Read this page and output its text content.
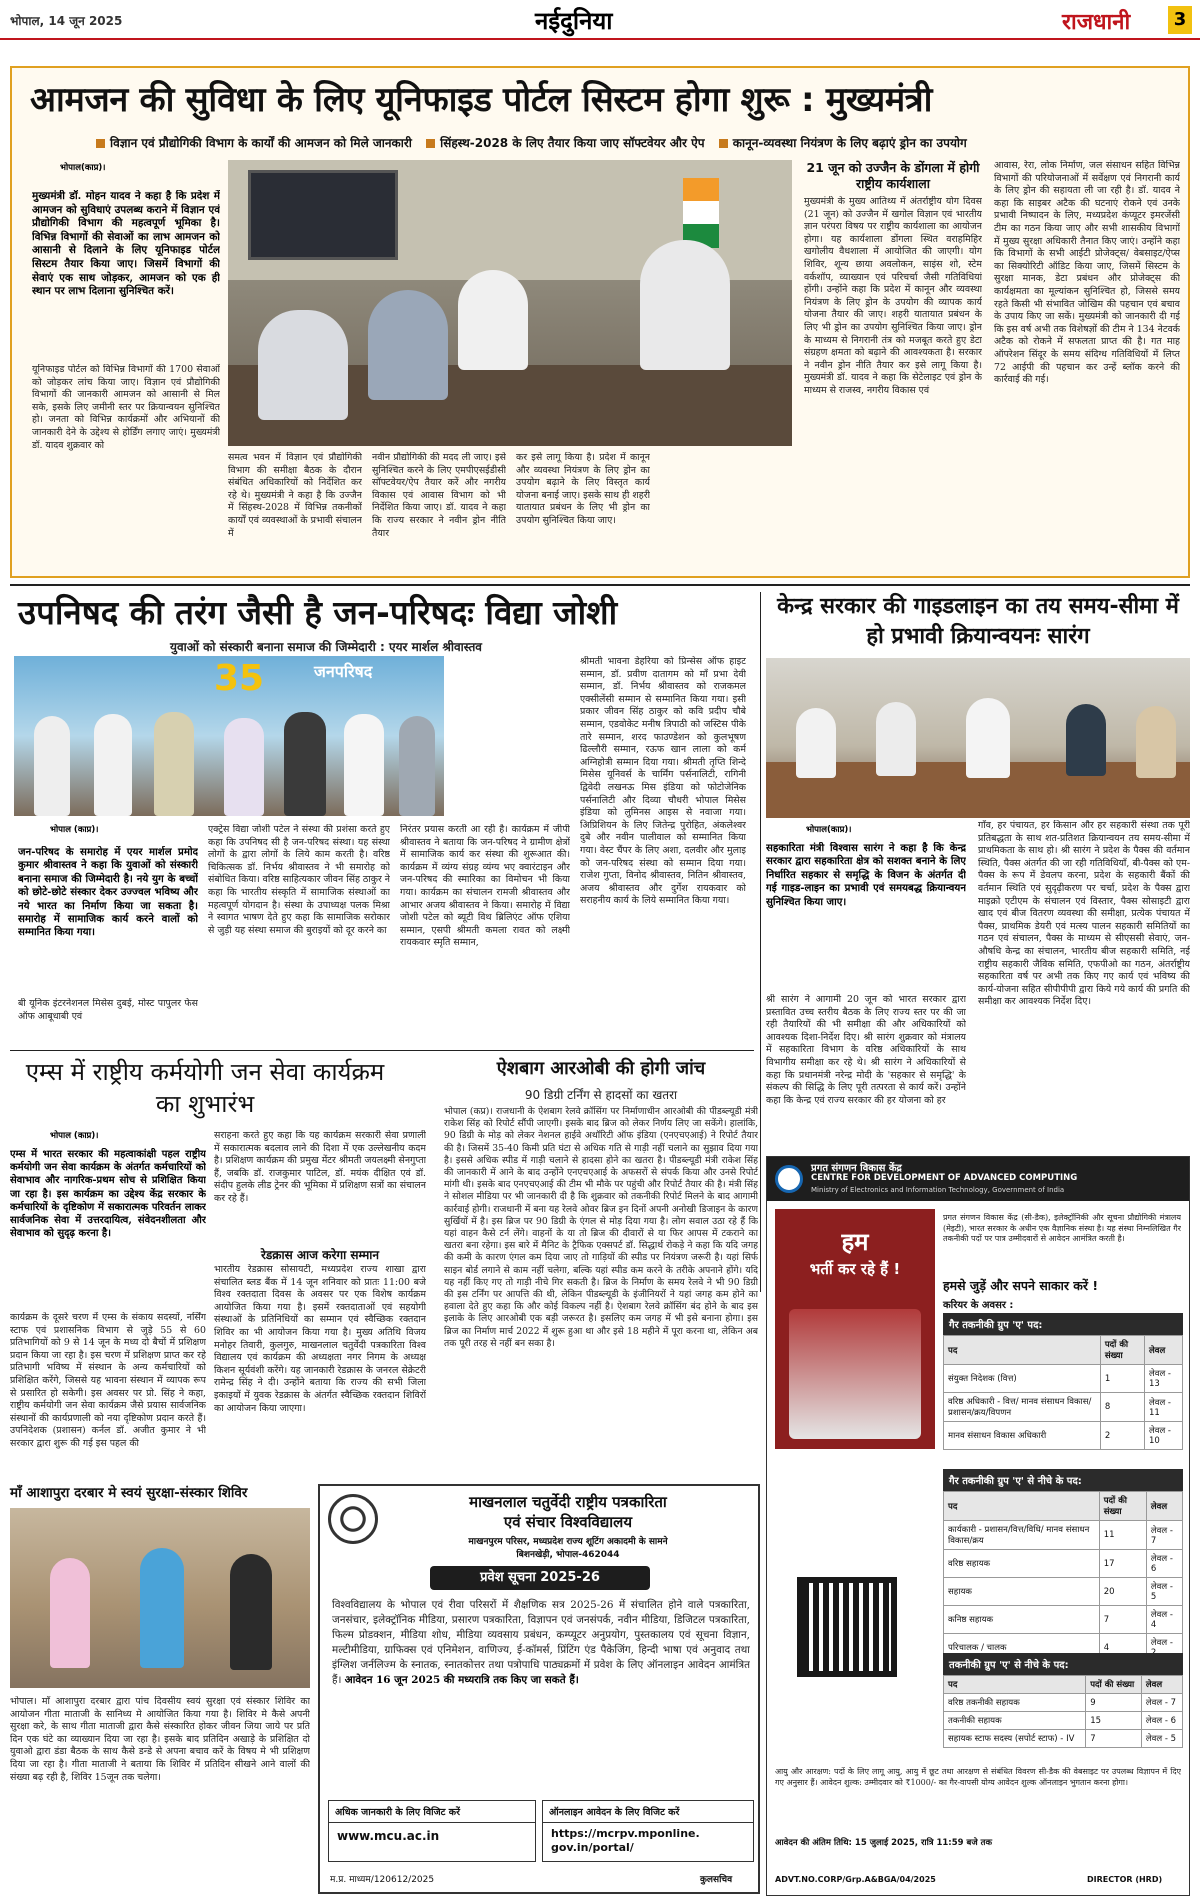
भोपाल, 14 जून 2025	नईदुनिया	राजधानी	3
आमजन की सुविधा के लिए यूनिफाइड पोर्टल सिस्टम होगा शुरू : मुख्यमंत्री
विज्ञान एवं प्रौद्योगिकी विभाग के कार्यों की आमजन को मिले जानकारी सिंहस्थ-2028 के लिए तैयार किया जाए सॉफ्टवेयर और ऐप कानून-व्यवस्था नियंत्रण के लिए बढ़ाएं ड्रोन का उपयोग
भोपाल(काप्र)।
मुख्यमंत्री डॉ. मोहन यादव ने कहा है कि प्रदेश में आमजन को सुविधाएं उपलब्ध कराने में विज्ञान एवं प्रौद्योगिकी विभाग की महत्वपूर्ण भूमिका है। विभिन्न विभागों की सेवाओं का लाभ आमजन को आसानी से दिलाने के लिए यूनिफाइड पोर्टल सिस्टम तैयार किया जाए। जिसमें विभागों की सेवाएं एक साथ जोड़कर, आमजन को एक ही स्थान पर लाभ दिलाना सुनिश्चित करें।
यूनिफाइड पोर्टल को विभिन्न विभागों की 1700 सेवाओं को जोड़कर लांच किया जाए। विज्ञान एवं प्रौद्योगिकी विभागों की जानकारी आमजन को आसानी से मिल सके, इसके लिए जमीनी स्तर पर क्रियान्वयन सुनिश्चित हो। जनता को विभिन्न कार्यक्रमों और अभियानों की जानकारी देने के उद्देश्य से होर्डिंग लगाए जाएं। मुख्यमंत्री डॉ. यादव शुक्रवार को
समत्व भवन में विज्ञान एवं प्रौद्योगिकी विभाग की समीक्षा बैठक के दौरान संबंधित अधिकारियों को निर्देशित कर रहे थे। मुख्यमंत्री ने कहा है कि उज्जैन में सिंहस्थ-2028 में विभिन्न तकनीकों कार्यों एवं व्यवस्थाओं के प्रभावी संचालन में
नवीन प्रौद्योगिकी की मदद ली जाए। इसे सुनिश्चित करने के लिए एमपीएसईडीसी सॉफ्टवेयर/ऐप तैयार करें और नगरीय विकास एवं आवास विभाग को भी निर्देशित किया जाए। डॉ. यादव ने कहा कि राज्य सरकार ने नवीन ड्रोन नीति तैयार
कर इसे लागू किया है। प्रदेश में कानून और व्यवस्था नियंत्रण के लिए ड्रोन का उपयोग बढ़ाने के लिए विस्तृत कार्य योजना बनाई जाए। इसके साथ ही शहरी यातायात प्रबंधन के लिए भी ड्रोन का उपयोग सुनिश्चित किया जाए।
21 जून को उज्जैन के डोंगला में होगी राष्ट्रीय कार्यशाला
मुख्यमंत्री के मुख्य आतिथ्य में अंतर्राष्ट्रीय योग दिवस (21 जून) को उज्जैन में खगोल विज्ञान एवं भारतीय ज्ञान परंपरा विषय पर राष्ट्रीय कार्यशाला का आयोजन होगा। यह कार्यशाला डोंगला स्थित वराहमिहिर खगोलीय वैधशाला में आयोजित की जाएगी। योग शिविर, शून्य छाया अवलोकन, साइंस शो, स्टेम वर्कशॉप, व्याख्यान एवं परिचर्चा जैसी गतिविधियां होंगी। उन्होंने कहा कि प्रदेश में कानून और व्यवस्था नियंत्रण के लिए ड्रोन के उपयोग की व्यापक कार्य योजना तैयार की जाए। शहरी यातायात प्रबंधन के लिए भी ड्रोन का उपयोग सुनिश्चित किया जाए। ड्रोन के माध्यम से निगरानी तंत्र को मजबूत करते हुए डेटा संग्रहण क्षमता को बढ़ाने की आवश्यकता है। सरकार ने नवीन ड्रोन नीति तैयार कर इसे लागू किया है। मुख्यमंत्री डॉ. यादव ने कहा कि सेटेलाइट एवं ड्रोन के माध्यम से राजस्व, नगरीय विकास एवं
आवास, रेरा, लोक निर्माण, जल संसाधन सहित विभिन्न विभागों की परियोजनाओं में सर्वेक्षण एवं निगरानी कार्य के लिए ड्रोन की सहायता ली जा रही है। डॉ. यादव ने कहा कि साइबर अटैक की घटनाएं रोकने एवं उनके प्रभावी निष्पादन के लिए, मध्यप्रदेश कंप्यूटर इमरजेंसी टीम का गठन किया जाए और सभी शासकीय विभागों में मुख्य सुरक्षा अधिकारी तैनात किए जाएं। उन्होंने कहा कि विभागों के सभी आईटी प्रोजेक्ट्स/ वेबसाइट/ऐप्स का सिक्योरिटी ऑडिट किया जाए, जिसमें सिस्टम के सुरक्षा मानक, डेटा प्रबंधन और प्रोजेक्ट्स की कार्यक्षमता का मूल्यांकन सुनिश्चित हो, जिससे समय रहते किसी भी संभावित जोखिम की पहचान एवं बचाव के उपाय किए जा सकें। मुख्यमंत्री को जानकारी दी गई कि इस वर्ष अभी तक विशेषज्ञों की टीम ने 134 नेटवर्क अटैक को रोकने में सफलता प्राप्त की है। गत माह ऑपरेशन सिंदूर के समय संदिग्ध गतिविधियों में लिप्त 72 आईपी की पहचान कर उन्हें ब्लॉक करने की कार्रवाई की गई।
उपनिषद की तरंग जैसी है जन-परिषदः विद्या जोशी
युवाओं को संस्कारी बनाना समाज की जिम्मेदारी : एयर मार्शल श्रीवास्तव
जनपरिषद
35
भोपाल (काप्र)।
जन-परिषद के समारोह में एयर मार्शल प्रमोद कुमार श्रीवास्तव ने कहा कि युवाओं को संस्कारी बनाना समाज की जिम्मेदारी है। नये युग के बच्चों को छोटे-छोटे संस्कार देकर उज्ज्वल भविष्य और नये भारत का निर्माण किया जा सकता है। समारोह में सामाजिक कार्य करने वालों को सम्मानित किया गया।
बी यूनिक इंटरनेशनल मिसेस दुबई, मोस्ट पापुलर फेस ऑफ आबूधाबी एवं
एक्ट्रेस विद्या जोशी पटेल ने संस्था की प्रशंसा करते हुए कहा कि उपनिषद सी है जन-परिषद संस्था। यह संस्था लोगों के द्वारा लोगों के लिये काम करती है। वरिष्ठ चिकित्सक डॉ. निर्भय श्रीवास्तव ने भी समारोह को संबोधित किया। वरिष्ठ साहित्यकार जीवन सिंह ठाकुर ने कहा कि भारतीय संस्कृति में सामाजिक संस्थाओं का महत्वपूर्ण योगदान है। संस्था के उपाध्यक्ष पलक मिश्रा ने स्वागत भाषण देते हुए कहा कि सामाजिक सरोकार से जुड़ी यह संस्था समाज की बुराइयों को दूर करने का
निरंतर प्रयास करती आ रही है। कार्यक्रम में जीपी श्रीवास्तव ने बताया कि जन-परिषद ने ग्रामीण क्षेत्रों में सामाजिक कार्य कर संस्था की शुरूआत की। कार्यक्रम में व्यंग्य संग्रह व्यंग्य भए क्वारंटाइन और जन-परिषद की स्मारिका का विमोचन भी किया गया। कार्यक्रम का संचालन रामजी श्रीवास्तव और आभार अजय श्रीवास्तव ने किया। समारोह में विद्या जोशी पटेल को ब्यूटी विथ ब्रिलिएंट ऑफ एशिया सम्मान, एसपी श्रीमती कमला रावत को लक्ष्मी रायकवार स्मृति सम्मान,
श्रीमती भावना डेहरिया को प्रिन्सेस ऑफ हाइट सम्मान, डॉ. प्रवीण दातागम को माँ प्रभा देवी सम्मान, डॉ. निर्भय श्रीवास्तव को राजकमल एक्सीलेंसी सम्मान से सम्मानित किया गया। इसी प्रकार जीवन सिंह ठाकुर को कवि प्रदीप चौबे सम्मान, एडवोकेट मनीष त्रिपाठी को जस्टिस पीके तारे सम्मान, शरद फाउण्डेशन को कुलभूषण ढिल्लौरी सम्मान, रऊफ खान लाला को कर्म अग्निहोत्री सम्मान दिया गया। श्रीमती तृप्ति शिन्दे मिसेस यूनिवर्स के चार्मिंग पर्सनालिटी, रागिनी द्विवेदी लखनऊ मिस इंडिया को फोटोजेनिक पर्सनालिटी और दिव्या चौधरी भोपाल मिसेस इंडिया को लुमिनस आइस से नवाजा गया। अिप्रिशियन के लिए जितेन्द्र पुरोहित, अंकलेश्वर दुबे और नवीन पालीवाल को सम्मानित किया गया। वेस्ट चैंपर के लिए अशा, दलवीर और मुलाइ को जन-परिषद संस्था को सम्मान दिया गया। राजेश गुप्ता, विनोद श्रीवास्तव, नितिन श्रीवास्तव, अजय श्रीवास्तव और दुर्गेश रायकवार को सराहनीय कार्य के लिये सम्मानित किया गया।
केन्द्र सरकार की गाइडलाइन का तय समय-सीमा में हो प्रभावी क्रियान्वयनः सारंग
भोपाल(काप्र)।
सहकारिता मंत्री विश्वास सारंग ने कहा है कि केन्द्र सरकार द्वारा सहकारिता क्षेत्र को सशक्त बनाने के लिए निर्धारित सहकार से समृद्धि के विजन के अंतर्गत दी गई गाइड-लाइन का प्रभावी एवं समयबद्ध क्रियान्वयन सुनिश्चित किया जाए।
श्री सारंग ने आगामी 20 जून को भारत सरकार द्वारा प्रस्तावित उच्च स्तरीय बैठक के लिए राज्य स्तर पर की जा रही तैयारियों की भी समीक्षा की और अधिकारियों को आवश्यक दिशा-निर्देश दिए। श्री सारंग शुक्रवार को मंत्रालय में सहकारिता विभाग के वरिष्ठ अधिकारियों के साथ विभागीय समीक्षा कर रहे थे। श्री सारंग ने अधिकारियों से कहा कि प्रधानमंत्री नरेन्द्र मोदी के 'सहकार से समृद्धि' के संकल्प की सिद्धि के लिए पूरी तत्परता से कार्य करें। उन्होंने कहा कि केन्द्र एवं राज्य सरकार की हर योजना को हर
गाँव, हर पंचायत, हर किसान और हर सहकारी संस्था तक पूरी प्रतिबद्धता के साथ शत-प्रतिशत क्रियान्वयन तय समय-सीमा में प्राथमिकता के साथ हो। श्री सारंग ने प्रदेश के पैक्स की वर्तमान स्थिति, पैक्स अंतर्गत की जा रही गतिविधियाँ, बी-पैक्स को एम-पैक्स के रूप में डेवलप करना, प्रदेश के सहकारी बैंकों की वर्तमान स्थिति एवं सुदृढ़ीकरण पर चर्चा, प्रदेश के पैक्स द्वारा माइक्रो एटीएम के संचालन एवं विस्तार, पैक्स सोसाइटी द्वारा खाद एवं बीज वितरण व्यवस्था की समीक्षा, प्रत्येक पंचायत में पैक्स, प्राथमिक डेयरी एवं मत्स्य पालन सहकारी समितियों का गठन एवं संचालन, पैक्स के माध्यम से सीएससी सेवाएं, जन-औषधि केन्द्र का संचालन, भारतीय बीज सहकारी समिति, नई राष्ट्रीय सहकारी जैविक समिति, एफपीओ का गठन, अंतर्राष्ट्रीय सहकारिता वर्ष पर अभी तक किए गए कार्य एवं भविष्य की कार्य-योजना सहित सीपीपीपी द्वारा किये गये कार्य की प्रगति की समीक्षा कर आवश्यक निर्देश दिए।
एम्स में राष्ट्रीय कर्मयोगी जन सेवा कार्यक्रम का शुभारंभ
भोपाल (काप्र)।
एम्स में भारत सरकार की महत्वाकांक्षी पहल राष्ट्रीय कर्मयोगी जन सेवा कार्यक्रम के अंतर्गत कर्मचारियों को सेवाभाव और नागरिक-प्रथम सोच से प्रशिक्षित किया जा रहा है। इस कार्यक्रम का उद्देश्य केंद्र सरकार के कर्मचारियों के दृष्टिकोण में सकारात्मक परिवर्तन लाकर सार्वजनिक सेवा में उत्तरदायित्व, संवेदनशीलता और सेवाभाव को सुदृढ़ करना है।
कार्यक्रम के दूसरे चरण में एम्स के संकाय सदस्यों, नर्सिंग स्टाफ एवं प्रशासनिक विभाग से जुड़े 55 से 60 प्रतिभागियों को 9 से 14 जून के मध्य दो बैचों में प्रशिक्षण प्रदान किया जा रहा है। इस चरण में प्रशिक्षण प्राप्त कर रहे प्रतिभागी भविष्य में संस्थान के अन्य कर्मचारियों को प्रशिक्षित करेंगे, जिससे यह भावना संस्थान में व्यापक रूप से प्रसारित हो सकेगी। इस अवसर पर प्रो. सिंह ने कहा, राष्ट्रीय कर्मयोगी जन सेवा कार्यक्रम जैसे प्रयास सार्वजनिक संस्थानों की कार्यप्रणाली को नया दृष्टिकोण प्रदान करते हैं। उपनिदेशक (प्रशासन) कर्नल डॉ. अजीत कुमार ने भी सरकार द्वारा शुरू की गई इस पहल की
सराहना करते हुए कहा कि यह कार्यक्रम सरकारी सेवा प्रणाली में सकारात्मक बदलाव लाने की दिशा में एक उल्लेखनीय कदम है। प्रशिक्षण कार्यक्रम की प्रमुख मेंटर श्रीमती जयलक्ष्मी सेनगुप्ता हैं, जबकि डॉ. राजकुमार पाटिल, डॉ. मयंक दीक्षित एवं डॉ. संदीप हुलके लीड ट्रेनर की भूमिका में प्रशिक्षण सत्रों का संचालन कर रहे हैं।
रेडक्रास आज करेगा सम्मान
भारतीय रेडक्रास सोसायटी, मध्यप्रदेश राज्य शाखा द्वारा संचालित ब्लड बैंक में 14 जून शनिवार को प्रातः 11:00 बजे विश्व रक्तदाता दिवस के अवसर पर एक विशेष कार्यक्रम आयोजित किया गया है। इसमें रक्तदाताओं एवं सहयोगी संस्थाओं के प्रतिनिधियों का सम्मान एवं स्वैच्छिक रक्तदान शिविर का भी आयोजन किया गया है। मुख्य अतिथि विजय मनोहर तिवारी, कुलगुरु, माखनलाल चतुर्वेदी पत्रकारिता विश्व विद्यालय एवं कार्यक्रम की अध्यक्षता नगर निगम के अध्यक्ष किशन सूर्यवंशी करेंगे। यह जानकारी रेडक्रास के जनरल सेक्रेटरी रामेन्द्र सिंह ने दी। उन्होंने बताया कि राज्य की सभी जिला इकाइयों में युवक रेडक्रास के अंतर्गत स्वैच्छिक रक्तदान शिविरों का आयोजन किया जाएगा।
ऐशबाग आरओबी की होगी जांच
90 डिग्री टर्निंग से हादसों का खतरा
भोपाल (कप्र)। राजधानी के ऐशबाग रेलवे क्रॉसिंग पर निर्माणाधीन आरओबी की पीडब्ल्यूडी मंत्री राकेश सिंह को रिपोर्ट सौंपी जाएगी। इसके बाद ब्रिज को लेकर निर्णय लिए जा सकेंगे। हालांकि, 90 डिग्री के मोड़ को लेकर नेशनल हाईवे अथॉरिटी ऑफ इंडिया (एनएचएआई) ने रिपोर्ट तैयार की है। जिसमें 35-40 किमी प्रति घंटा से अधिक गति से गाड़ी नहीं चलाने का सुझाव दिया गया है। इससे अधिक स्पीड में गाड़ी चलाने से हादसा होने का खतरा है। पीडब्ल्यूडी मंत्री राकेश सिंह की जानकारी में आने के बाद उन्होंने एनएचएआई के अफसरों से संपर्क किया और उनसे रिपोर्ट मांगी थी। इसके बाद एनएचएआई की टीम भी मौके पर पहुंची और रिपोर्ट तैयार की है। मंत्री सिंह ने सोशल मीडिया पर भी जानकारी दी है कि शुक्रवार को तकनीकी रिपोर्ट मिलने के बाद आगामी कार्रवाई होगी। राजधानी में बना यह रेलवे ओवर ब्रिज इन दिनों अपनी अनोखी डिजाइन के कारण सुर्खियों में है। इस ब्रिज पर 90 डिग्री के एंगल से मोड़ दिया गया है। लोग सवाल उठा रहे हैं कि यहां वाहन कैसे टर्न लेंगे। वाहनों के या तो ब्रिज की दीवारों से या फिर आपस में टकराने का खतरा बना रहेगा। इस बारे में मैनिट के ट्रैफिक एक्सपर्ट डॉ. सिद्धार्थ रोकड़े ने कहा कि यदि जगह की कमी के कारण एंगल कम दिया जाए तो गाड़ियों की स्पीड पर नियंत्रण जरूरी है। यहां सिर्फ साइन बोर्ड लगाने से काम नहीं चलेगा, बल्कि यहां स्पीड कम करने के तरीके अपनाने होंगे। यदि यह नहीं किए गए तो गाड़ी नीचे गिर सकती है। ब्रिज के निर्माण के समय रेलवे ने भी 90 डिग्री की इस टर्निंग पर आपत्ति की थी, लेकिन पीडब्ल्यूडी के इंजीनियरों ने यहां जगह कम होने का हवाला देते हुए कहा कि और कोई विकल्प नहीं है। ऐशबाग रेलवे क्रॉसिंग बंद होने के बाद इस इलाके के लिए आरओबी एक बड़ी जरूरत है। इसलिए कम जगह में भी इसे बनाना होगा। इस ब्रिज का निर्माण मार्च 2022 में शुरू हुआ था और इसे 18 महीने में पूरा करना था, लेकिन अब तक पूरी तरह से नहीं बन सका है।
प्रगत संगणन विकास केंद्र
CENTRE FOR DEVELOPMENT OF ADVANCED COMPUTING
Ministry of Electronics and Information Technology, Government of India
हम
भर्ती कर रहे हैं !
प्रगत संगणन विकास केंद्र (सी-डैक), इलेक्ट्रॉनिकी और सूचना प्रौद्योगिकी मंत्रालय (मेइटी), भारत सरकार के अधीन एक वैज्ञानिक संस्था है। यह संस्था निम्नलिखित गैर तकनीकी पदों पर पात्र उम्मीदवारों से आवेदन आमंत्रित करती है।
हमसे जुड़ें और सपने साकार करें !
करियर के अवसर :
गैर तकनीकी ग्रुप 'ए' पद:
पद	पदों की संख्या	लेवल
संयुक्त निदेशक (वित्त)	1	लेवल - 13
वरिष्ठ अधिकारी - वित्त/ मानव संसाधन विकास/ प्रशासन/क्रय/विपणन	8	लेवल - 11
मानव संसाधन विकास अधिकारी	2	लेवल - 10
गैर तकनीकी ग्रुप 'ए' से नीचे के पद:
पद	पदों की संख्या	लेवल
कार्यकारी - प्रशासन/वित्त/विधि/ मानव संसाधन विकास/क्रय	11	लेवल - 7
वरिष्ठ सहायक	17	लेवल - 6
सहायक	20	लेवल - 5
कनिष्ठ सहायक	7	लेवल - 4
परिचालक / चालक	4	लेवल -
तकनीकी ग्रुप 'ए' से नीचे के पद:
पद	पदों की संख्या	लेवल
वरिष्ठ तकनीकी सहायक	9	लेवल - 7
तकनीकी सहायक	15	लेवल - 6
सहायक स्टाफ सदस्य (सपोर्ट स्टाफ) - IV	7	लेवल - 5
आयु और आरक्षण: पदों के लिए लागू आयु, आयु में छूट तथा आरक्षण से संबंधित विवरण सी-डैक की वेबसाइट पर उपलब्ध विज्ञापन में दिए गए अनुसार हैं। आवेदन शुल्क: उम्मीदवार को ₹1000/- का गैर-वापसी योग्य आवेदन शुल्क ऑनलाइन भुगतान करना होगा।
आवेदन की अंतिम तिथि: 15 जुलाई 2025, रात्रि 11:59 बजे तक
ADVT.NO.CORP/Grp.A&BGA/04/2025	DIRECTOR (HRD)
माँ आशापुरा दरबार मे स्वयं सुरक्षा-संस्कार शिविर
भोपाल। माँ आशापुरा दरबार द्वारा पांच दिवसीय स्वयं सुरक्षा एवं संस्कार शिविर का आयोजन गीता माताजी के सानिध्य मे आयोजित किया गया है। शिविर मे कैसे अपनी सुरक्षा करे, के साथ गीता माताजी द्वारा कैसे संस्कारित होकर जीवन जिया जाये पर प्रति दिन एक घंटे का व्याख्यान दिया जा रहा है। इसके बाद प्रतिदिन अखाड़े के प्रशिक्षित दो युवाओ द्वारा डंडा बैठक के साथ कैसे डन्डे से अपना बचाव करें के विषय मे भी प्रशिक्षण दिया जा रहा है। गीता माताजी ने बताया कि शिविर में प्रतिदिन सीखने आने वालों की संख्या बढ़ रही है, शिविर 15जून तक चलेगा।
माखनलाल चतुर्वेदी राष्ट्रीय पत्रकारिता
एवं संचार विश्वविद्यालय
माखनपुरम परिसर, मध्यप्रदेश राज्य शूटिंग अकादमी के सामने
बिशनखेड़ी, भोपाल-462044
प्रवेश सूचना 2025-26
विश्वविद्यालय के भोपाल एवं रीवा परिसरों में शैक्षणिक सत्र 2025-26 में संचालित होने वाले पत्रकारिता, जनसंचार, इलेक्ट्रॉनिक मीडिया, प्रसारण पत्रकारिता, विज्ञापन एवं जनसंपर्क, नवीन मीडिया, डिजिटल पत्रकारिता, फिल्म प्रोडक्शन, मीडिया शोध, मीडिया व्यवसाय प्रबंधन, कम्प्यूटर अनुप्रयोग, पुस्तकालय एवं सूचना विज्ञान, मल्टीमीडिया, ग्राफिक्स एवं एनिमेशन, वाणिज्य, ई-कॉमर्स, प्रिंटिंग एंड पैकेजिंग, हिन्दी भाषा एवं अनुवाद तथा इंग्लिश जर्नलिज्म के स्नातक, स्नातकोत्तर तथा पत्रोपाधि पाठ्यक्रमों में प्रवेश के लिए ऑनलाइन आवेदन आमंत्रित हैं। आवेदन 16 जून 2025 की मध्यरात्रि तक किए जा सकते हैं।
अधिक जानकारी के लिए विजिट करें
www.mcu.ac.in
ऑनलाइन आवेदन के लिए विजिट करें
https://mcrpv.mponline. gov.in/portal/
म.प्र. माध्यम/120612/2025	कुलसचिव
